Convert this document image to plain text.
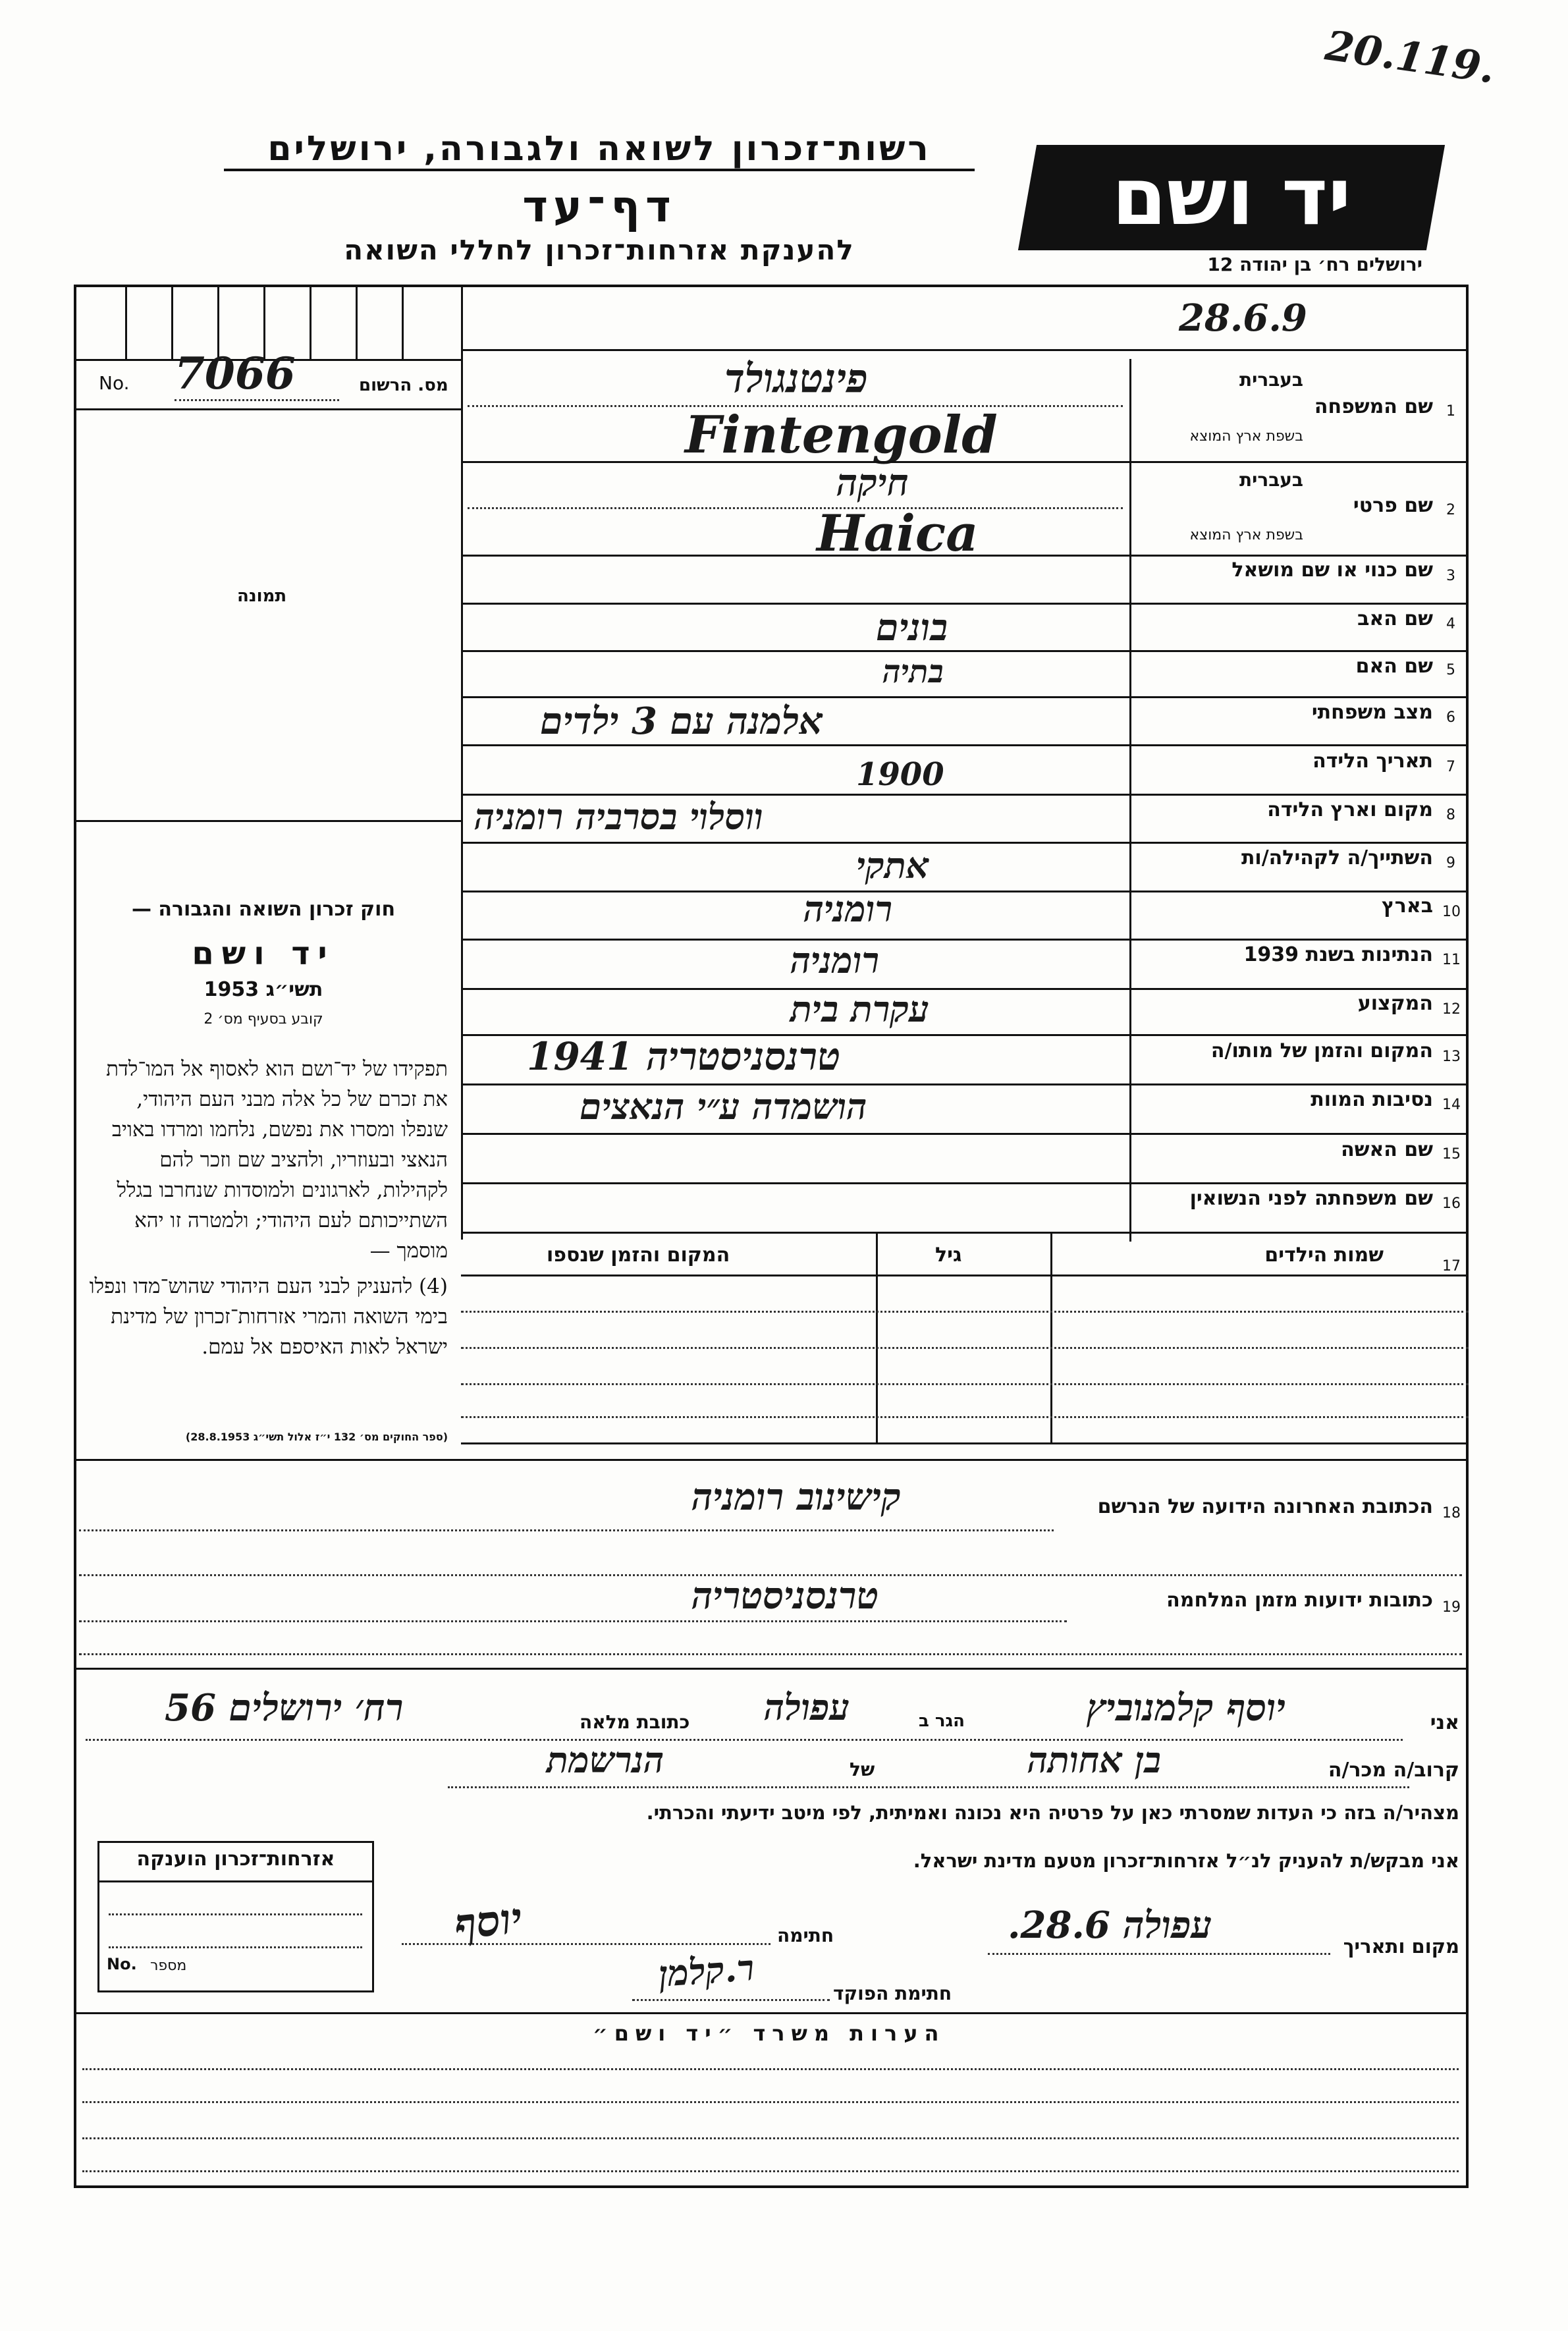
20.119.
רשות־זכרון לשואה ולגבורה, ירושלים
דף־עד
להענקת אזרחות־זכרון לחללי השואה
יד ושם
ירושלים רח׳ בן יהודה 12
28.6.9
No. 7066	מס. הרשום
תמונה
חוק זכרון השואה והגבורה —
יד ושם
תשי״ג 1953
קובע בסעיף מס׳ 2
תפקידו של יד־ושם הוא לאסוף אל המו־לדת את זכרם של כל אלה מבני העם היהודי, שנפלו ומסרו את נפשם, נלחמו ומרדו באויב הנאצי ובעוזריו, ולהציב שם וזכר להם לקהילות, לארגונים ולמוסדות שנחרבו בגלל השתייכותם לעם היהודי; ולמטרה זו יהא מוסמך —
(4) להעניק לבני העם היהודי שהוש־מדו ונפלו בימי השואה והמרי אזרחות־זכרון של מדינת ישראל לאות האיספם אל עמם.
(ספר החוקים מס׳ 132 י״ז אלול תשי״ג 28.8.1953)
1
שם המשפחה
בעברית
בשפת ארץ המוצא
פינטנגולד
Fintengold
2
שם פרטי
בעברית
בשפת ארץ המוצא
חיקה
Haica
3
שם כנוי או שם מושאל
4
שם האב
בונים
5
שם האם
בתיה
6
מצב משפחתי
אלמנה עם 3 ילדים
7
תאריך הלידה
1900
8
מקום וארץ הלידה
ווסלוי בסרביה רומניה
9
השתייך/ה לקהילה/ות
אתקי
10
בארץ
רומניה
11
הנתינות בשנת 1939
רומניה
12
המקצוע
עקרת בית
13
המקום והזמן של מותו/ה
טרנסניסטריה 1941
14
נסיבות המוות
הושמדה ע״י הנאצים
15
שם האשה
16
שם משפחתה לפני הנשואין
17
שמות הילדים
גיל
המקום והזמן שנספו
18
הכתובת האחרונה הידועה של הנרשם
קישינוב רומניה
19
כתובות ידועות מזמן המלחמה
טרנסניסטריה
אני
יוסף קלמנוביץ
הגר ב
עפולה
כתובת מלאה
רח׳ ירושלים 56
קרוב/ה מכר/ה
בן אחותה
של
הנרשמת
מצהיר/ה בזה כי העדות שמסרתי כאן על פרטיה היא נכונה ואמיתית, לפי מיטב ידיעתי והכרתי.
אני מבקש/ת להעניק לנ״ל אזרחות־זכרון מטעם מדינת ישראל.
מקום ותאריך
עפולה 28.6.
חתימה
יוסף
חתימת הפוקד
ר.קלמן
אזרחות־זכרון הוענקה
No. מספר
הערות משרד ״יד ושם״
